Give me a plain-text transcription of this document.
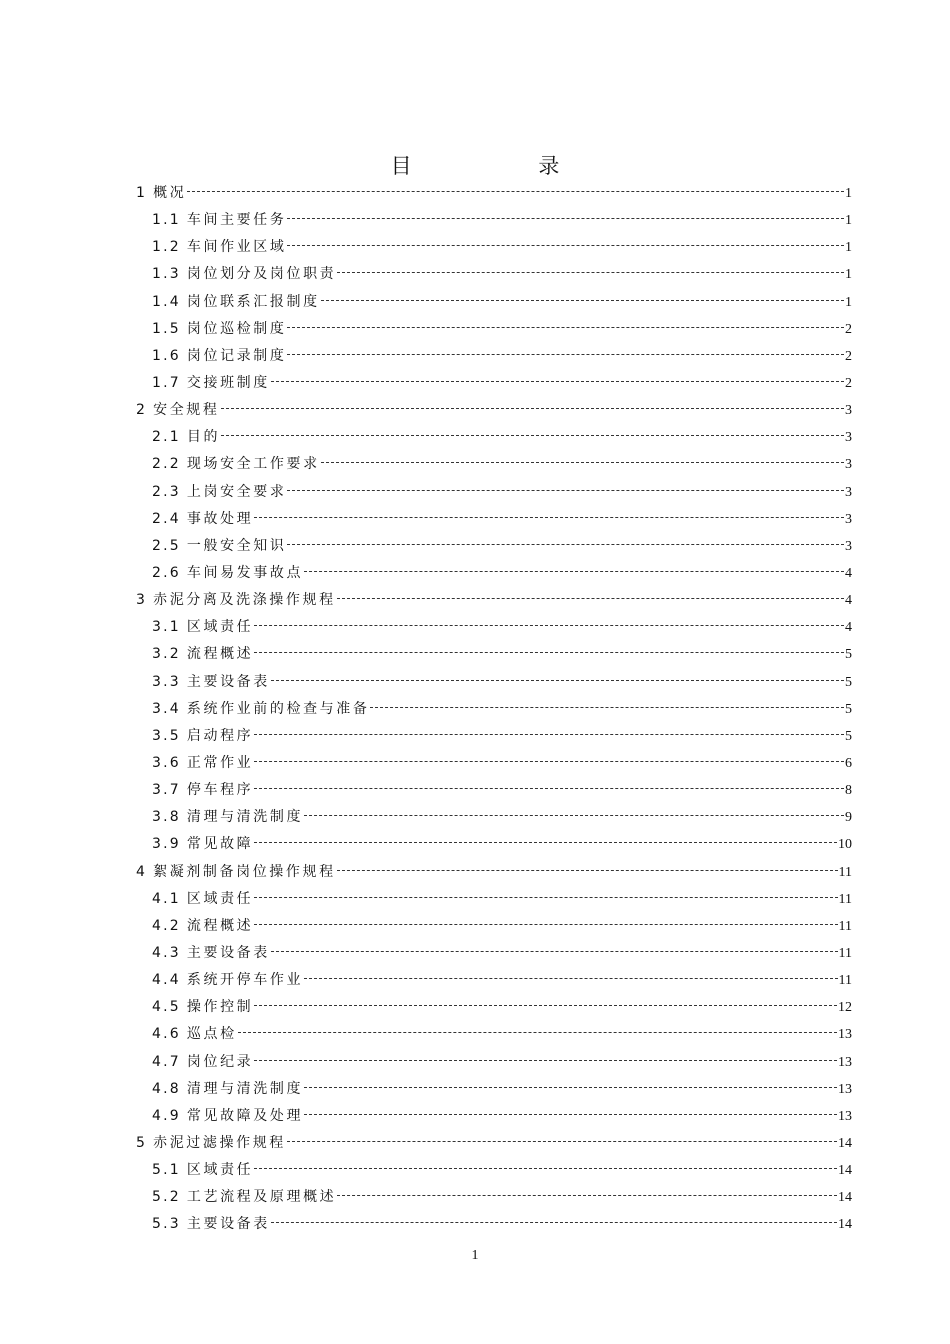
目 录
1 概况	1
1.1 车间主要任务	1
1.2 车间作业区域	1
1.3 岗位划分及岗位职责	1
1.4 岗位联系汇报制度	1
1.5 岗位巡检制度	2
1.6 岗位记录制度	2
1.7 交接班制度	2
2 安全规程	3
2.1 目的	3
2.2 现场安全工作要求	3
2.3 上岗安全要求	3
2.4 事故处理	3
2.5 一般安全知识	3
2.6 车间易发事故点	4
3 赤泥分离及洗涤操作规程	4
3.1 区域责任	4
3.2 流程概述	5
3.3 主要设备表	5
3.4 系统作业前的检查与准备	5
3.5 启动程序	5
3.6 正常作业	6
3.7 停车程序	8
3.8 清理与清洗制度	9
3.9 常见故障	10
4 絮凝剂制备岗位操作规程	11
4.1 区域责任	11
4.2 流程概述	11
4.3 主要设备表	11
4.4 系统开停车作业	11
4.5 操作控制	12
4.6 巡点检	13
4.7 岗位纪录	13
4.8 清理与清洗制度	13
4.9 常见故障及处理	13
5 赤泥过滤操作规程	14
5.1 区域责任	14
5.2 工艺流程及原理概述	14
5.3 主要设备表	14
1
